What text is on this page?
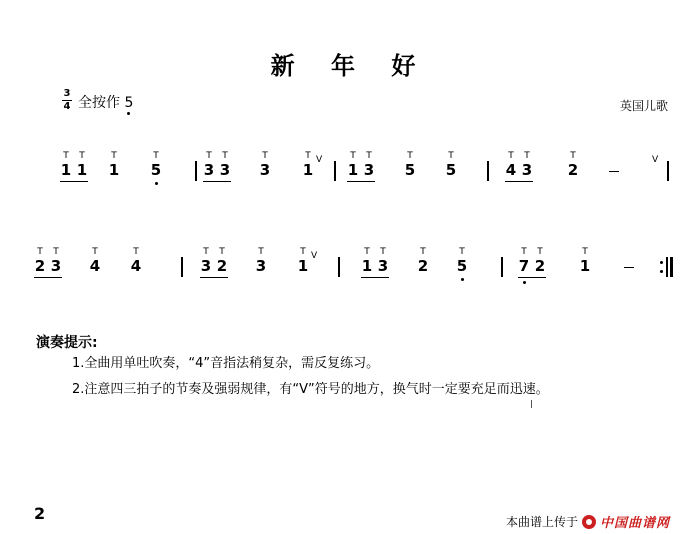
新 年 好
3
4 全按作 5	英国儿歌
1
T
1
T
1
T
5
T
3
T
3
T
3
T
1
T V
1
T
3
T
5
T
5
T
4
T
3
T
2
T	V
2
T
3
T
4
T
4
T
3
T
2
T
3
T
1
T V
1
T
3
T
2
T
5
T
7
T
2
T
1
T
演奏提示:
1.全曲用单吐吹奏，“4”音指法稍复杂，需反复练习。
2.注意四三拍子的节奏及强弱规律，有“V”符号的地方，换气时一定要充足而迅速。
2	本曲谱上传于 中国曲谱网
